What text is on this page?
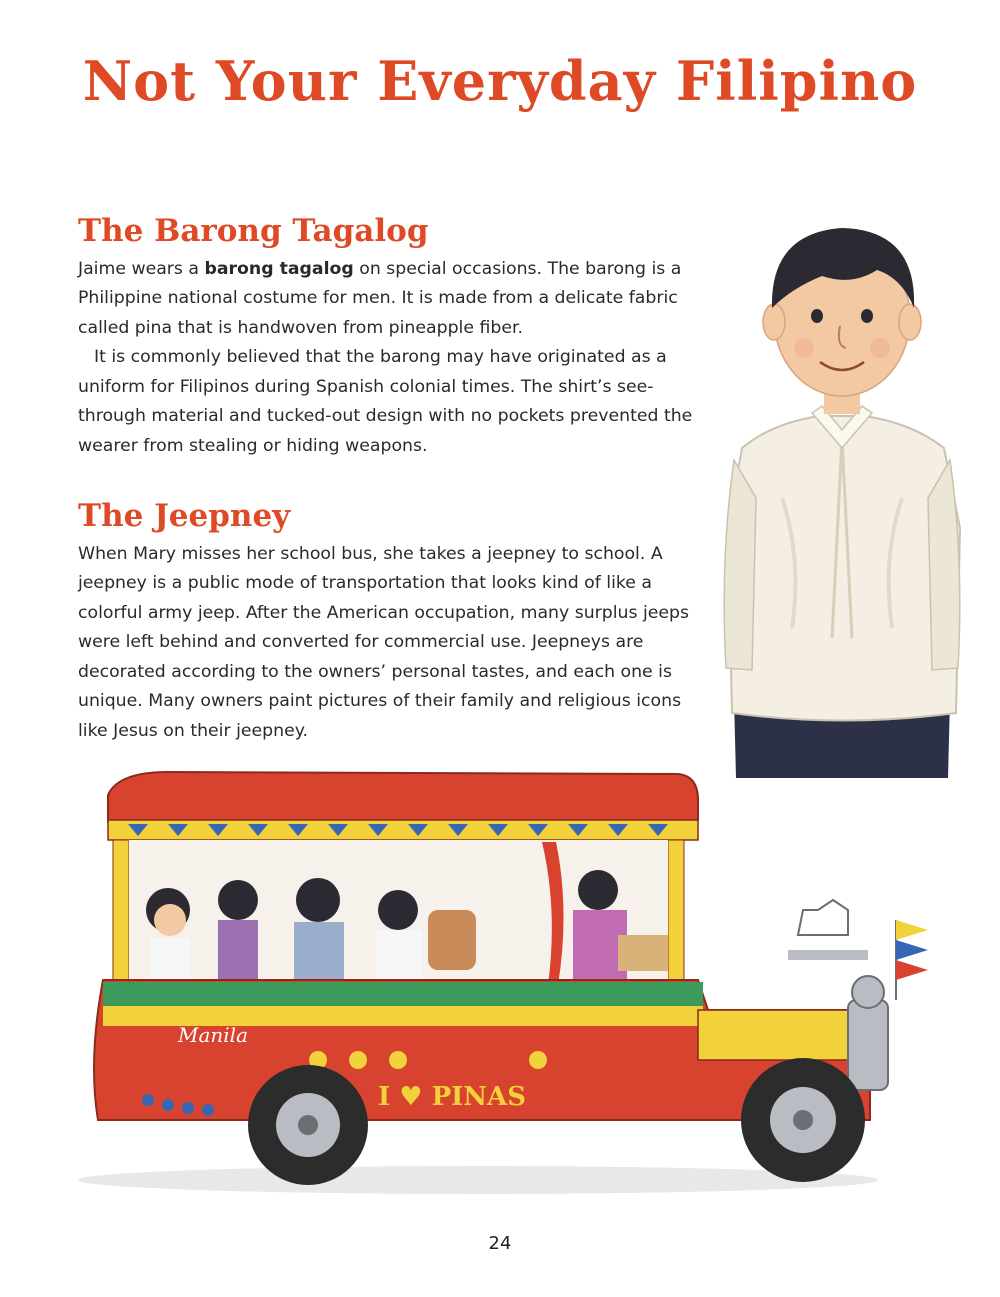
Not Your Everyday Filipino
The Barong Tagalog

Jaime wears a barong tagalog on special occasions. The barong is a Philippine national costume for men. It is made from a delicate fabric called pina that is handwoven from pineapple fiber.

It is commonly believed that the barong may have originated as a uniform for Filipinos during Spanish colonial times. The shirt’s see-through material and tucked-out design with no pockets prevented the wearer from stealing or hiding weapons.

The Jeepney

When Mary misses her school bus, she takes a jeepney to school. A jeepney is a public mode of transportation that looks kind of like a colorful army jeep. After the American occupation, many surplus jeeps were left behind and converted for commercial use. Jeepneys are decorated according to the owners’ personal tastes, and each one is unique. Many owners paint pictures of their family and religious icons like Jesus on their jeepney.

Manila
I ♥ PINAS
24
